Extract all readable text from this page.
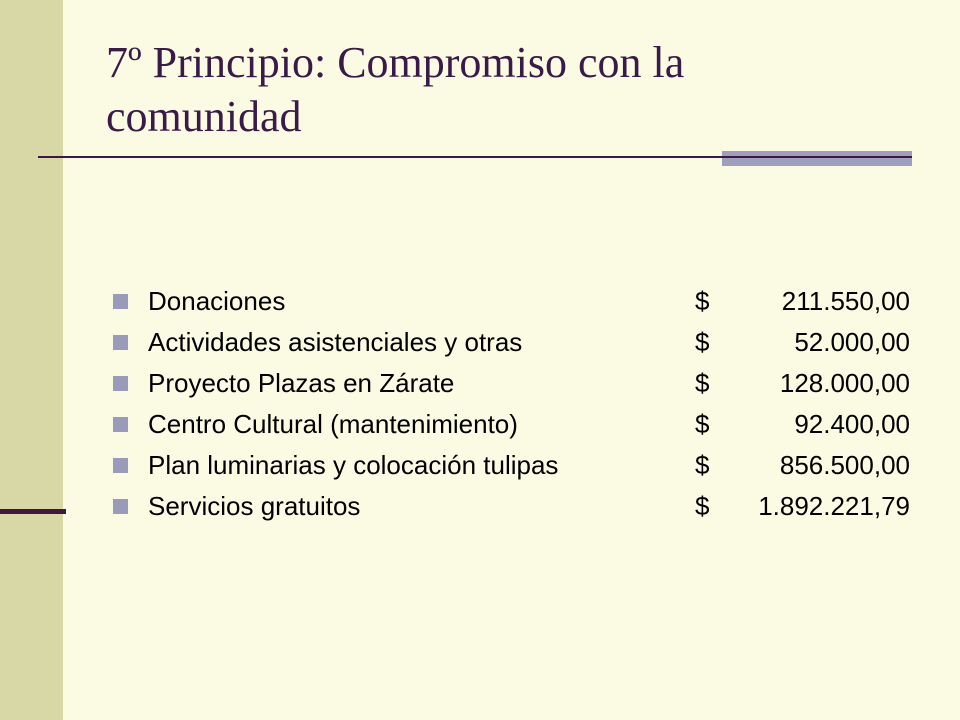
7º Principio: Compromiso con la comunidad
Donaciones	$	211.550,00
Actividades asistenciales y otras	$	52.000,00
Proyecto Plazas en Zárate	$	128.000,00
Centro Cultural (mantenimiento)	$	92.400,00
Plan luminarias y colocación tulipas	$	856.500,00
Servicios gratuitos	$ 1.892.221,79
